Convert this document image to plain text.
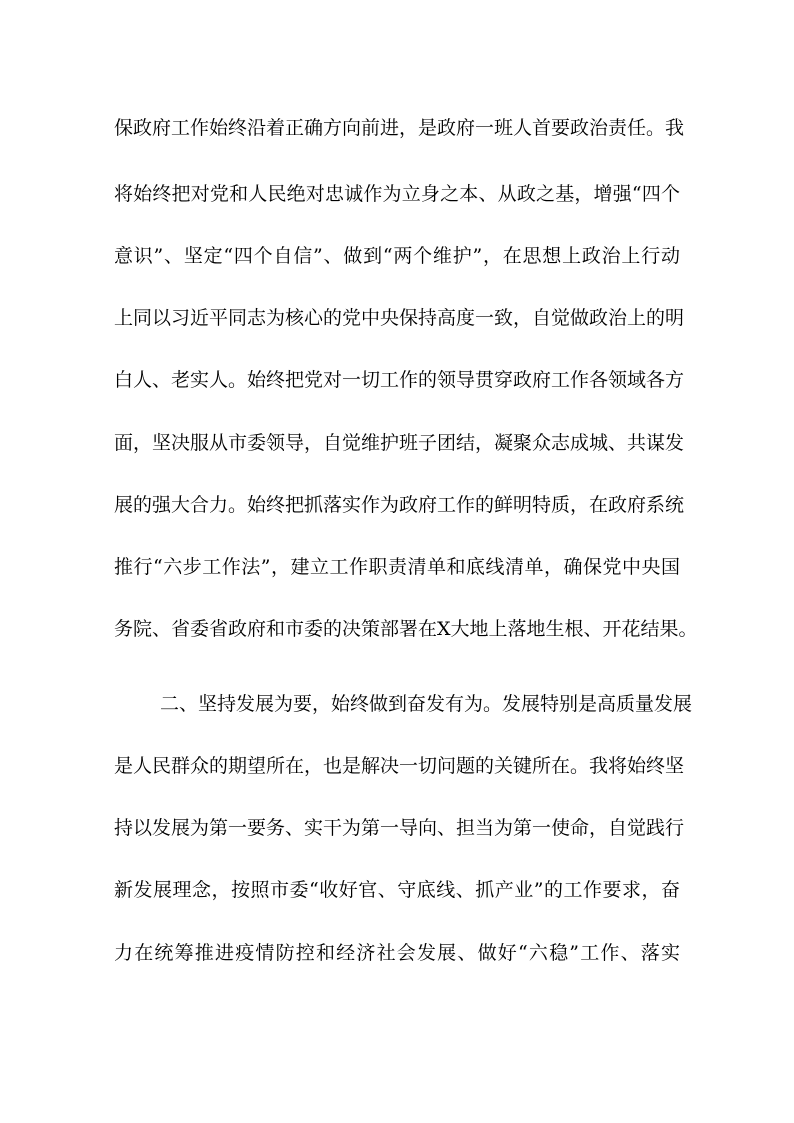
保政府工作始终沿着正确方向前进，是政府一班人首要政治责任。我
将始终把对党和人民绝对忠诚作为立身之本、从政之基，增强“四个
意识”、坚定“四个自信”、做到“两个维护”，在思想上政治上行动
上同以习近平同志为核心的党中央保持高度一致，自觉做政治上的明
白人、老实人。始终把党对一切工作的领导贯穿政府工作各领域各方
面，坚决服从市委领导，自觉维护班子团结，凝聚众志成城、共谋发
展的强大合力。始终把抓落实作为政府工作的鲜明特质，在政府系统
推行“六步工作法”，建立工作职责清单和底线清单，确保党中央国
务院、省委省政府和市委的决策部署在X大地上落地生根、开花结果。
二、坚持发展为要，始终做到奋发有为。发展特别是高质量发展
是人民群众的期望所在，也是解决一切问题的关键所在。我将始终坚
持以发展为第一要务、实干为第一导向、担当为第一使命，自觉践行
新发展理念，按照市委“收好官、守底线、抓产业”的工作要求，奋
力在统筹推进疫情防控和经济社会发展、做好“六稳”工作、落实
